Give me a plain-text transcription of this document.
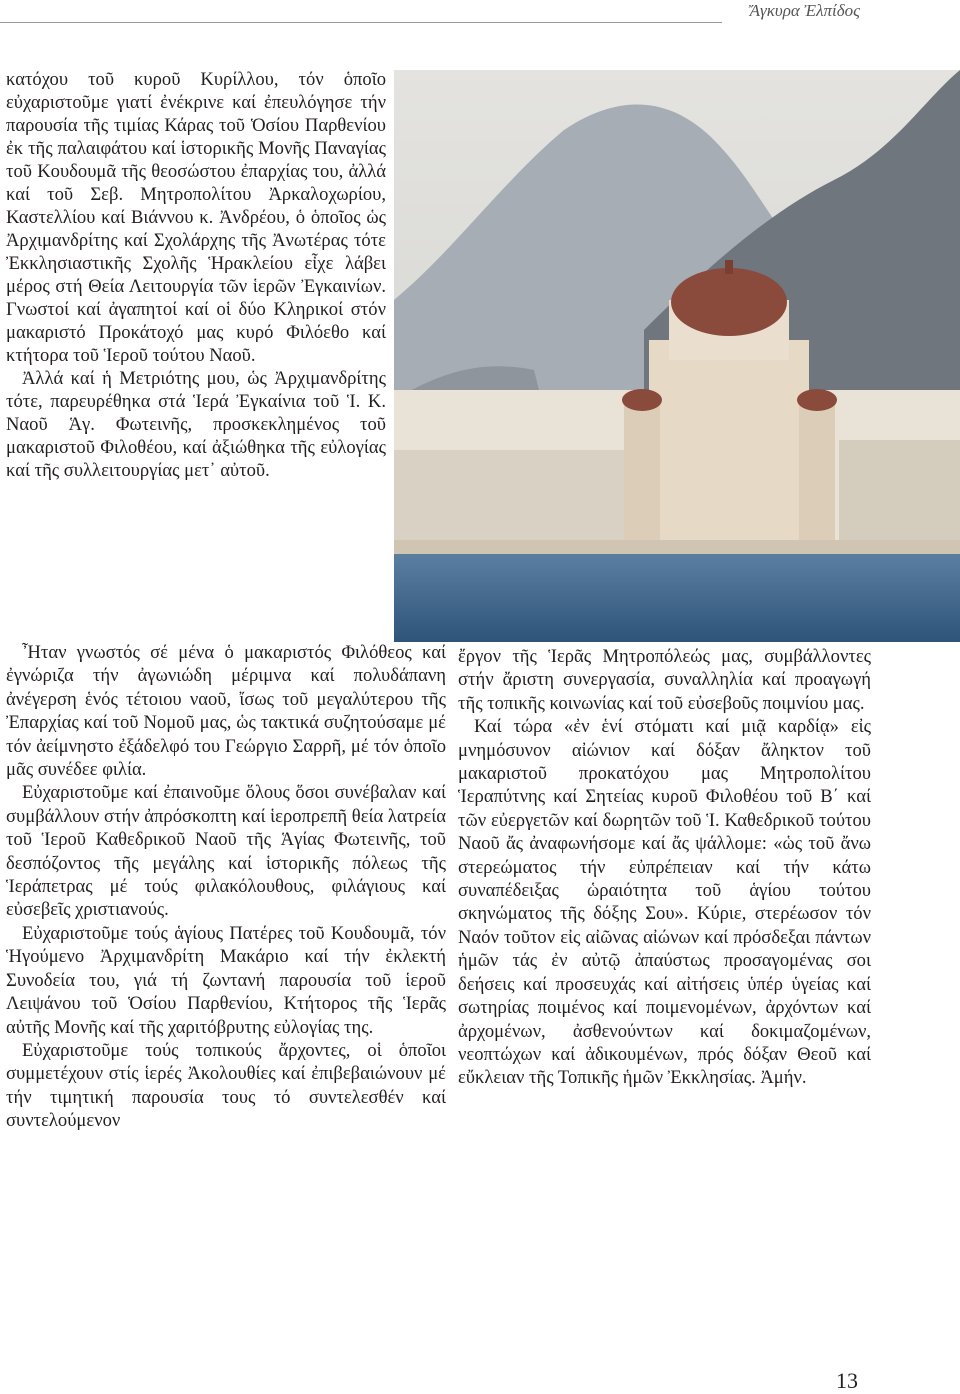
Ἄγκυρα Ἐλπίδος

κατόχου τοῦ κυροῦ Κυρίλλου, τόν ὁποῖο εὐχαριστοῦμε γιατί ἐνέκρινε καί ἐπευλόγησε τήν παρουσία τῆς τιμίας Κάρας τοῦ Ὁσίου Παρθενίου ἐκ τῆς παλαιφάτου καί ἱστορικῆς Μονῆς Παναγίας τοῦ Κουδουμᾶ τῆς θεοσώστου ἐπαρχίας του, ἀλλά καί τοῦ Σεβ. Μητροπολίτου Ἀρκαλοχωρίου, Καστελλίου καί Βιάννου κ. Ἀνδρέου, ὁ ὁποῖος ὡς Ἀρχιμανδρίτης καί Σχολάρχης τῆς Ἀνωτέρας τότε Ἐκκλησιαστικῆς Σχολῆς Ἡρακλείου εἶχε λάβει μέρος στή Θεία Λειτουργία τῶν ἱερῶν Ἐγκαινίων. Γνωστοί καί ἀγαπητοί καί οἱ δύο Κληρικοί στόν μακαριστό Προκάτοχό μας κυρό Φιλόεθο καί κτήτορα τοῦ Ἱεροῦ τούτου Ναοῦ.

Ἀλλά καί ἡ Μετριότης μου, ὡς Ἀρχιμανδρίτης τότε, παρευρέθηκα στά Ἱερά Ἐγκαίνια τοῦ Ἱ. Κ. Ναοῦ Ἁγ. Φωτεινῆς, προσκεκλημένος τοῦ μακαριστοῦ Φιλοθέου, καί ἀξιώθηκα τῆς εὐλογίας καί τῆς συλλειτουργίας μετ᾿ αὐτοῦ.

Ἦταν γνωστός σέ μένα ὁ μακαριστός Φιλόθεος καί ἐγνώριζα τήν ἀγωνιώδη μέριμνα καί πολυδάπανη ἀνέγερση ἑνός τέτοιου ναοῦ, ἴσως τοῦ μεγαλύτερου τῆς Ἐπαρχίας καί τοῦ Νομοῦ μας, ὡς τακτικά συζητούσαμε μέ τόν ἀείμνηστο ἐξάδελφό του Γεώργιο Σαρρῆ, μέ τόν ὁποῖο μᾶς συνέδεε φιλία.

Εὐχαριστοῦμε καί ἐπαινοῦμε ὅλους ὅσοι συνέβαλαν καί συμβάλλουν στήν ἀπρόσκοπτη καί ἱεροπρεπῆ θεία λατρεία τοῦ Ἱεροῦ Καθεδρικοῦ Ναοῦ τῆς Ἁγίας Φωτεινῆς, τοῦ δεσπόζοντος τῆς μεγάλης καί ἱστορικῆς πόλεως τῆς Ἱεράπετρας μέ τούς φιλακόλουθους, φιλάγιους καί εὐσεβεῖς χριστιανούς.

Εὐχαριστοῦμε τούς ἁγίους Πατέρες τοῦ Κουδουμᾶ, τόν Ἡγούμενο Ἀρχιμανδρίτη Μακάριο καί τήν ἐκλεκτή Συνοδεία του, γιά τή ζωντανή παρουσία τοῦ ἱεροῦ Λειψάνου τοῦ Ὁσίου Παρθενίου, Κτήτορος τῆς Ἱερᾶς αὐτῆς Μονῆς καί τῆς χαριτόβρυτης εὐλογίας της.

Εὐχαριστοῦμε τούς τοπικούς ἄρχοντες, οἱ ὁποῖοι συμμετέχουν στίς ἱερές Ἀκολουθίες καί ἐπιβεβαιώνουν μέ τήν τιμητική παρουσία τους τό συντελεσθέν καί συντελούμενον

ἔργον τῆς Ἱερᾶς Μητροπόλεώς μας, συμβάλλοντες στήν ἄριστη συνεργασία, συναλληλία καί προαγωγή τῆς τοπικῆς κοινωνίας καί τοῦ εὐσεβοῦς ποιμνίου μας.

Καί τώρα «ἐν ἑνί στόματι καί μιᾷ καρδίᾳ» εἰς μνημόσυνον αἰώνιον καί δόξαν ἄληκτον τοῦ μακαριστοῦ προκατόχου μας Μητροπολίτου Ἱεραπύτνης καί Σητείας κυροῦ Φιλοθέου τοῦ Β΄ καί τῶν εὐεργετῶν καί δωρητῶν τοῦ Ἱ. Καθεδρικοῦ τούτου Ναοῦ ἄς ἀναφωνήσομε καί ἄς ψάλλομε: «ὡς τοῦ ἄνω στερεώματος τήν εὐπρέπειαν καί τήν κάτω συναπέδειξας ὡραιότητα τοῦ ἁγίου τούτου σκηνώματος τῆς δόξης Σου». Κύριε, στερέωσον τόν Ναόν τοῦτον εἰς αἰῶνας αἰώνων καί πρόσδεξαι πάντων ἡμῶν τάς ἐν αὐτῷ ἀπαύστως προσαγομένας σοι δεήσεις καί προσευχάς καί αἰτήσεις ὑπέρ ὑγείας καί σωτηρίας ποιμένος καί ποιμενομένων, ἀρχόντων καί ἀρχομένων, ἀσθενούντων καί δοκιμαζομένων, νεοπτώχων καί ἀδικουμένων, πρός δόξαν Θεοῦ καί εὔκλειαν τῆς Τοπικῆς ἡμῶν Ἐκκλησίας. Ἀμήν.

13
